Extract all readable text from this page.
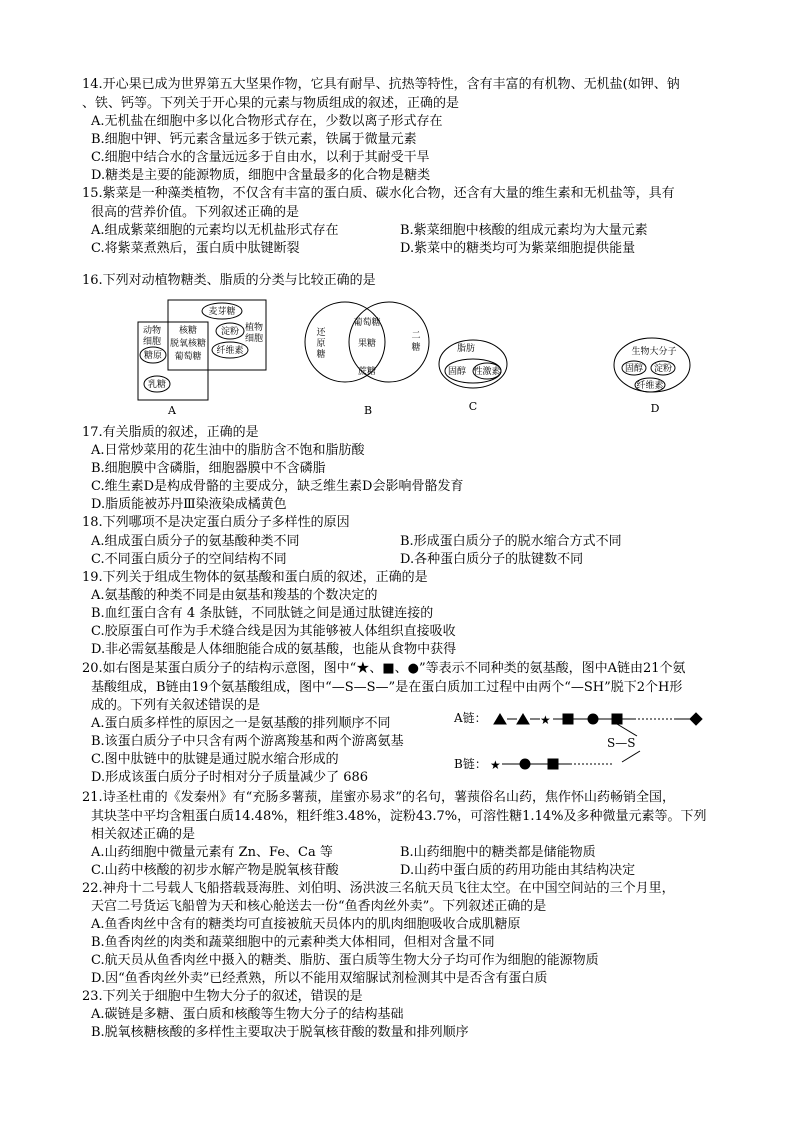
14.开心果已成为世界第五大坚果作物，它具有耐旱、抗热等特性，含有丰富的有机物、无机盐(如钾、钠
、铁、钙等。下列关于开心果的元素与物质组成的叙述，正确的是
A.无机盐在细胞中多以化合物形式存在，少数以离子形式存在
B.细胞中钾、钙元素含量远多于铁元素，铁属于微量元素
C.细胞中结合水的含量远远多于自由水，以利于其耐受干旱
D.糖类是主要的能源物质，细胞中含量最多的化合物是糖类
15.紫菜是一种藻类植物，不仅含有丰富的蛋白质、碳水化合物，还含有大量的维生素和无机盐等，具有
很高的营养价值。下列叙述正确的是
A.组成紫菜细胞的元素均以无机盐形式存在	B.紫菜细胞中核酸的组成元素均为大量元素
C.将紫菜煮熟后，蛋白质中肽键断裂	D.紫菜中的糖类均可为紫菜细胞提供能量
16.下列对动植物糖类、脂质的分类与比较正确的是
动物
细胞
植物
细胞
核糖
脱氧核糖
葡萄糖
麦芽糖
淀粉
纤维素
糖原
乳糖
A
还
原
糖
二
糖
葡萄糖
果糖
蔗糖
B
脂肪
固醇 性激素
C
生物大分子
固醇 淀粉
纤维素
D
17.有关脂质的叙述，正确的是
A.日常炒菜用的花生油中的脂肪含不饱和脂肪酸
B.细胞膜中含磷脂，细胞器膜中不含磷脂
C.维生素D是构成骨骼的主要成分，缺乏维生素D会影响骨骼发育
D.脂质能被苏丹Ⅲ染液染成橘黄色
18.下列哪项不是决定蛋白质分子多样性的原因
A.组成蛋白质分子的氨基酸种类不同	B.形成蛋白质分子的脱水缩合方式不同
C.不同蛋白质分子的空间结构不同	D.各种蛋白质分子的肽键数不同
19.下列关于组成生物体的氨基酸和蛋白质的叙述，正确的是
A.氨基酸的种类不同是由氨基和羧基的个数决定的
B.血红蛋白含有 4 条肽链，不同肽链之间是通过肽键连接的
C.胶原蛋白可作为手术缝合线是因为其能够被人体组织直接吸收
D.非必需氨基酸是人体细胞能合成的氨基酸，也能从食物中获得
20.如右图是某蛋白质分子的结构示意图，图中“★、■、●”等表示不同种类的氨基酸，图中A链由21个氨
基酸组成，B链由19个氨基酸组成，图中“—S—S—”是在蛋白质加工过程中由两个“—SH”脱下2个H形
成的。下列有关叙述错误的是
A.蛋白质多样性的原因之一是氨基酸的排列顺序不同
B.该蛋白质分子中只含有两个游离羧基和两个游离氨基
C.图中肽链中的肽键是通过脱水缩合形成的
D.形成该蛋白质分子时相对分子质量减少了 686
A链：	★
S—S
B链： ★
21.诗圣杜甫的《发秦州》有“充肠多薯蓣，崖蜜亦易求”的名句，薯蓣俗名山药，焦作怀山药畅销全国，
其块茎中平均含粗蛋白质14.48%，粗纤维3.48%，淀粉43.7%，可溶性糖1.14%及多种微量元素等。下列
相关叙述正确的是
A.山药细胞中微量元素有 Zn、Fe、Ca 等	B.山药细胞中的糖类都是储能物质
C.山药中核酸的初步水解产物是脱氧核苷酸	D.山药中蛋白质的药用功能由其结构决定
22.神舟十二号载人飞船搭载聂海胜、刘伯明、汤洪波三名航天员飞往太空。在中国空间站的三个月里，
天宫二号货运飞船曾为天和核心舱送去一份“鱼香肉丝外卖”。下列叙述正确的是
A.鱼香肉丝中含有的糖类均可直接被航天员体内的肌肉细胞吸收合成肌糖原
B.鱼香肉丝的肉类和蔬菜细胞中的元素种类大体相同，但相对含量不同
C.航天员从鱼香肉丝中摄入的糖类、脂肪、蛋白质等生物大分子均可作为细胞的能源物质
D.因“鱼香肉丝外卖”已经煮熟，所以不能用双缩脲试剂检测其中是否含有蛋白质
23.下列关于细胞中生物大分子的叙述，错误的是
A.碳链是多糖、蛋白质和核酸等生物大分子的结构基础
B.脱氧核糖核酸的多样性主要取决于脱氧核苷酸的数量和排列顺序
